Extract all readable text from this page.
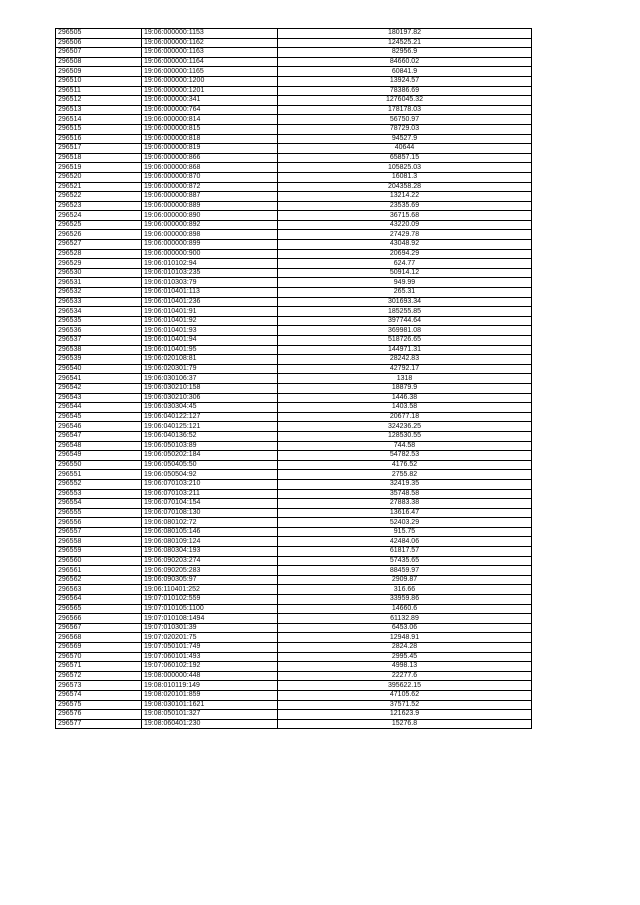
296505	19:06:000000:1153	180197.82
296506	19:06:000000:1162	124525.21
296507	19:06:000000:1163	82956.9
296508	19:06:000000:1164	84660.02
296509	19:06:000000:1165	60841.9
296510	19:06:000000:1200	13924.57
296511	19:06:000000:1201	78386.69
296512	19:06:000000:341	1276045.32
296513	19:06:000000:764	178178.03
296514	19:06:000000:814	56750.97
296515	19:06:000000:815	78729.03
296516	19:06:000000:818	94527.9
296517	19:06:000000:819	40644
296518	19:06:000000:866	65857.15
296519	19:06:000000:868	105825.03
296520	19:06:000000:870	16081.3
296521	19:06:000000:872	204358.28
296522	19:06:000000:887	13214.22
296523	19:06:000000:889	23535.69
296524	19:06:000000:890	36715.68
296525	19:06:000000:892	43220.09
296526	19:06:000000:898	27429.78
296527	19:06:000000:899	43048.92
296528	19:06:000000:900	20694.29
296529	19:06:010102:94	624.77
296530	19:06:010103:235	50914.12
296531	19:06:010303:79	949.99
296532	19:06:010401:113	265.31
296533	19:06:010401:236	301693.34
296534	19:06:010401:91	185255.85
296535	19:06:010401:92	397744.64
296536	19:06:010401:93	369981.08
296537	19:06:010401:94	518726.65
296538	19:06:010401:95	144971.31
296539	19:06:020108:81	28242.83
296540	19:06:020301:79	42792.17
296541	19:06:030106:37	1318
296542	19:06:030210:158	18879.9
296543	19:06:030210:306	1446.38
296544	19:06:030304:45	1403.58
296545	19:06:040122:127	20677.18
296546	19:06:040125:121	324236.25
296547	19:06:040136:52	128530.55
296548	19:06:050103:89	744.58
296549	19:06:050202:184	54782.53
296550	19:06:050405:50	4176.52
296551	19:06:050504:92	2755.82
296552	19:06:070103:210	32419.35
296553	19:06:070103:211	35748.58
296554	19:06:070104:154	27883.38
296555	19:06:070108:130	13616.47
296556	19:06:080102:72	52403.29
296557	19:06:080105:146	915.75
296558	19:06:080109:124	42484.06
296559	19:06:080304:193	61817.57
296560	19:06:090203:274	57435.65
296561	19:06:090205:283	88459.97
296562	19:06:090305:97	2909.87
296563	19:06:110401:252	316.66
296564	19:07:010102:559	33959.86
296565	19:07:010105:1100	14660.6
296566	19:07:010108:1494	61132.89
296567	19:07:010301:39	6453.06
296568	19:07:020201:75	12948.91
296569	19:07:050101:749	2824.28
296570	19:07:060101:493	2995.45
296571	19:07:060102:192	4998.13
296572	19:08:000000:448	22277.6
296573	19:08:010119:149	395622.15
296574	19:08:020101:859	47105.62
296575	19:08:030101:1621	37571.52
296576	19:08:050101:327	121623.9
296577	19:08:060401:230	15276.8
